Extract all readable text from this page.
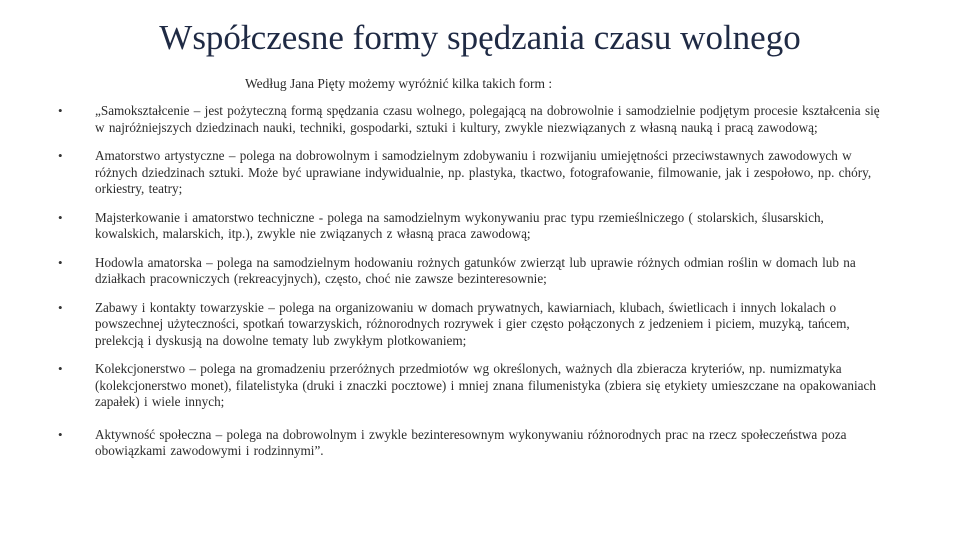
Współczesne formy spędzania czasu wolnego
Według Jana Pięty możemy wyróżnić kilka takich form :
•	„Samokształcenie – jest pożyteczną formą spędzania czasu wolnego, polegającą na dobrowolnie i samodzielnie podjętym procesie kształcenia się w najróżniejszych dziedzinach nauki, techniki, gospodarki, sztuki i kultury, zwykle niezwiązanych z własną nauką i pracą zawodową;
•	Amatorstwo artystyczne – polega na dobrowolnym i samodzielnym zdobywaniu i rozwijaniu umiejętności przeciwstawnych zawodowych w różnych dziedzinach sztuki. Może być uprawiane indywidualnie, np. plastyka, tkactwo, fotografowanie, filmowanie, jak i zespołowo, np. chóry, orkiestry, teatry;
•	Majsterkowanie i amatorstwo techniczne - polega na samodzielnym wykonywaniu prac typu rzemieślniczego ( stolarskich, ślusarskich, kowalskich, malarskich, itp.), zwykle nie związanych z własną praca zawodową;
•	Hodowla amatorska – polega na samodzielnym hodowaniu rożnych gatunków zwierząt lub uprawie różnych odmian roślin w domach lub na działkach pracowniczych (rekreacyjnych), często, choć nie zawsze bezinteresownie;
•	Zabawy i kontakty towarzyskie – polega na organizowaniu w domach prywatnych, kawiarniach, klubach, świetlicach i innych lokalach o powszechnej użyteczności, spotkań towarzyskich, różnorodnych rozrywek i gier często połączonych z jedzeniem i piciem, muzyką, tańcem, prelekcją i dyskusją na dowolne tematy lub zwykłym plotkowaniem;
•	Kolekcjonerstwo – polega na gromadzeniu przeróżnych przedmiotów wg określonych, ważnych dla zbieracza kryteriów, np. numizmatyka (kolekcjonerstwo monet), filatelistyka (druki i znaczki pocztowe) i mniej znana filumenistyka (zbiera się etykiety umieszczane na opakowaniach zapałek) i wiele innych;
•	Aktywność społeczna – polega na dobrowolnym i zwykle bezinteresownym wykonywaniu różnorodnych prac na rzecz społeczeństwa poza obowiązkami zawodowymi i rodzinnymi”.
